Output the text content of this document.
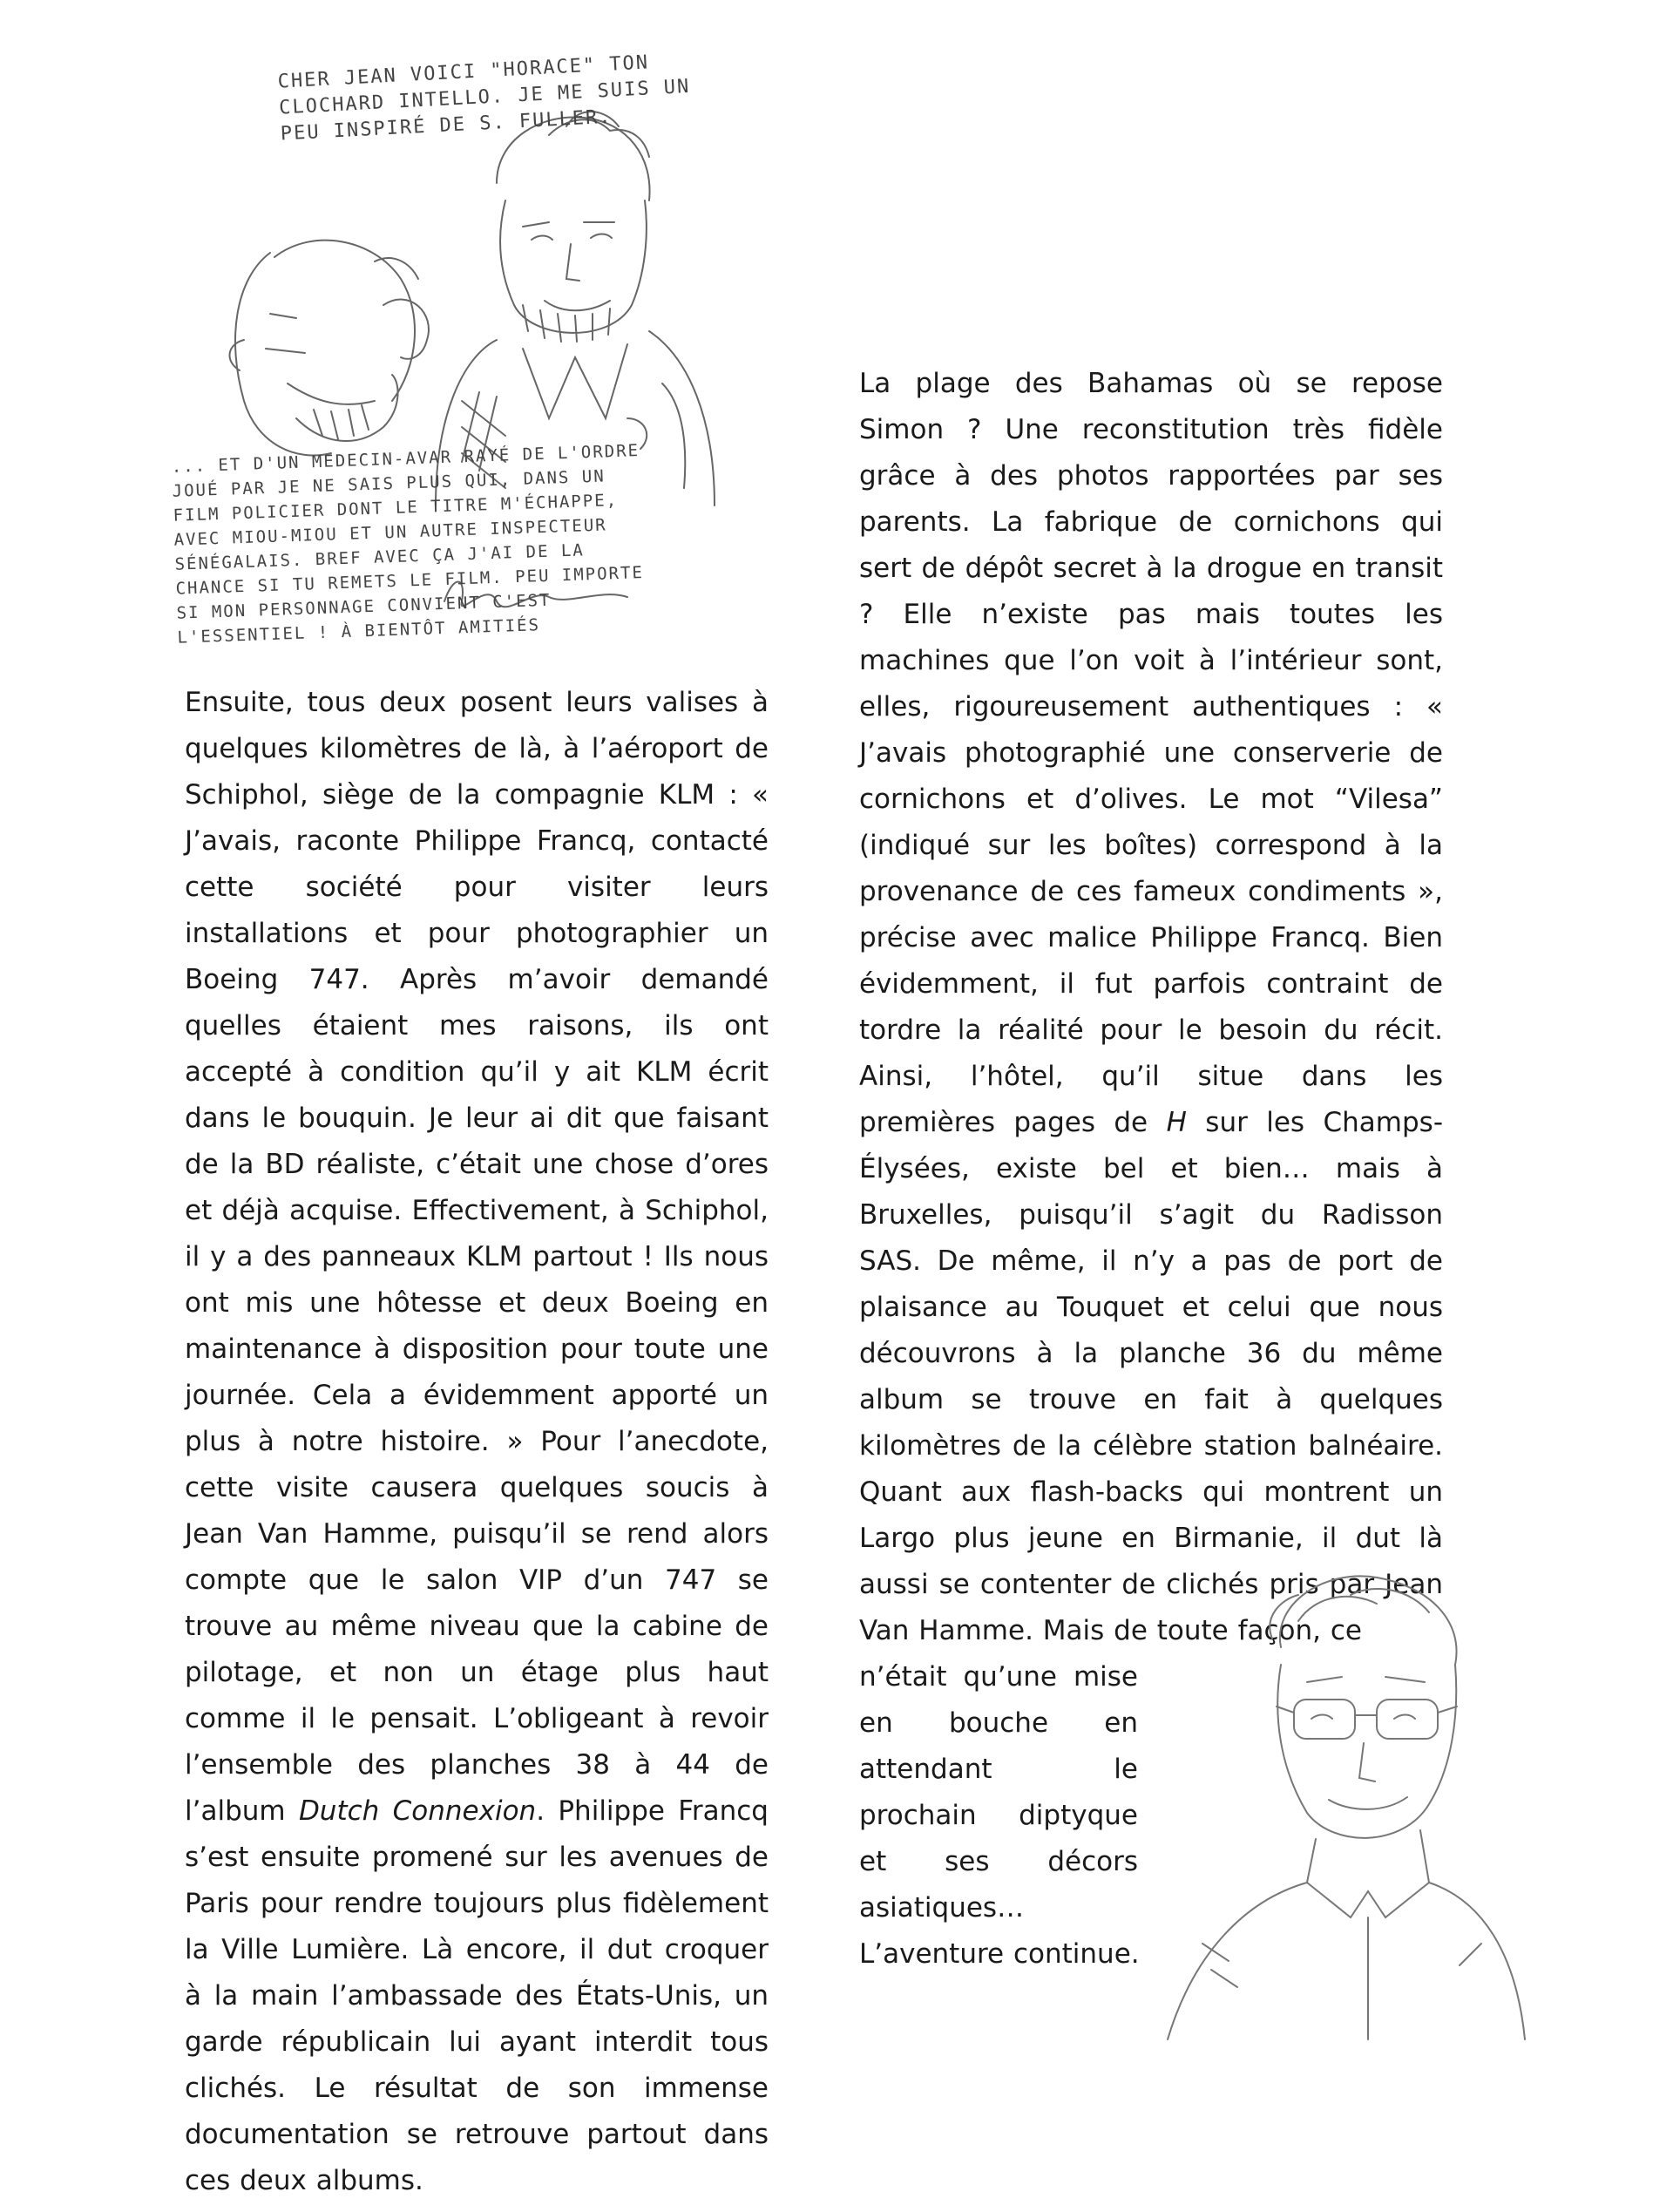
CHER JEAN VOICI "HORACE" TON CLOCHARD INTELLO. JE ME SUIS UN PEU INSPIRÉ DE S. FULLER.

... ET D'UN MEDECIN-AVAR RAYÉ DE L'ORDRE JOUÉ PAR JE NE SAIS PLUS QUI, DANS UN FILM POLICIER DONT LE TITRE M'ÉCHAPPE, AVEC MIOU-MIOU ET UN AUTRE INSPECTEUR SÉNÉGALAIS. BREF AVEC ÇA J'AI DE LA CHANCE SI TU REMETS LE FILM. PEU IMPORTE SI MON PERSONNAGE CONVIENT C'EST L'ESSENTIEL ! À BIENTÔT AMITIÉS

Ensuite, tous deux posent leurs valises à quelques kilomètres de là, à l’aéroport de Schiphol, siège de la compagnie KLM : « J’avais, raconte Philippe Francq, contacté cette société pour visiter leurs installations et pour photographier un Boeing 747. Après m’avoir demandé quelles étaient mes raisons, ils ont accepté à condition qu’il y ait KLM écrit dans le bouquin. Je leur ai dit que faisant de la BD réaliste, c’était une chose d’ores et déjà acquise. Effectivement, à Schiphol, il y a des panneaux KLM partout ! Ils nous ont mis une hôtesse et deux Boeing en maintenance à disposition pour toute une journée. Cela a évidemment apporté un plus à notre histoire. » Pour l’anecdote, cette visite causera quelques soucis à Jean Van Hamme, puisqu’il se rend alors compte que le salon VIP d’un 747 se trouve au même niveau que la cabine de pilotage, et non un étage plus haut comme il le pensait. L’obligeant à revoir l’ensemble des planches 38 à 44 de l’album Dutch Connexion. Philippe Francq s’est ensuite promené sur les avenues de Paris pour rendre toujours plus fidèlement la Ville Lumière. Là encore, il dut croquer à la main l’ambassade des États-Unis, un garde républicain lui ayant interdit tous clichés. Le résultat de son immense documentation se retrouve partout dans ces deux albums.

La plage des Bahamas où se repose Simon ? Une reconstitution très fidèle grâce à des photos rapportées par ses parents. La fabrique de cornichons qui sert de dépôt secret à la drogue en transit ? Elle n’existe pas mais toutes les machines que l’on voit à l’intérieur sont, elles, rigoureusement authentiques : « J’avais photographié une conserverie de cornichons et d’olives. Le mot “Vilesa” (indiqué sur les boîtes) correspond à la provenance de ces fameux condiments », précise avec malice Philippe Francq. Bien évidemment, il fut parfois contraint de tordre la réalité pour le besoin du récit. Ainsi, l’hôtel, qu’il situe dans les premières pages de H sur les Champs-Élysées, existe bel et bien… mais à Bruxelles, puisqu’il s’agit du Radisson SAS. De même, il n’y a pas de port de plaisance au Touquet et celui que nous découvrons à la planche 36 du même album se trouve en fait à quelques kilomètres de la célèbre station balnéaire. Quant aux flash-backs qui montrent un Largo plus jeune en Birmanie, il dut là aussi se contenter de clichés pris par Jean Van Hamme. Mais de toute façon, ce

n’était qu’une mise en bouche en attendant le prochain diptyque et ses décors asiatiques…

L’aventure continue.
